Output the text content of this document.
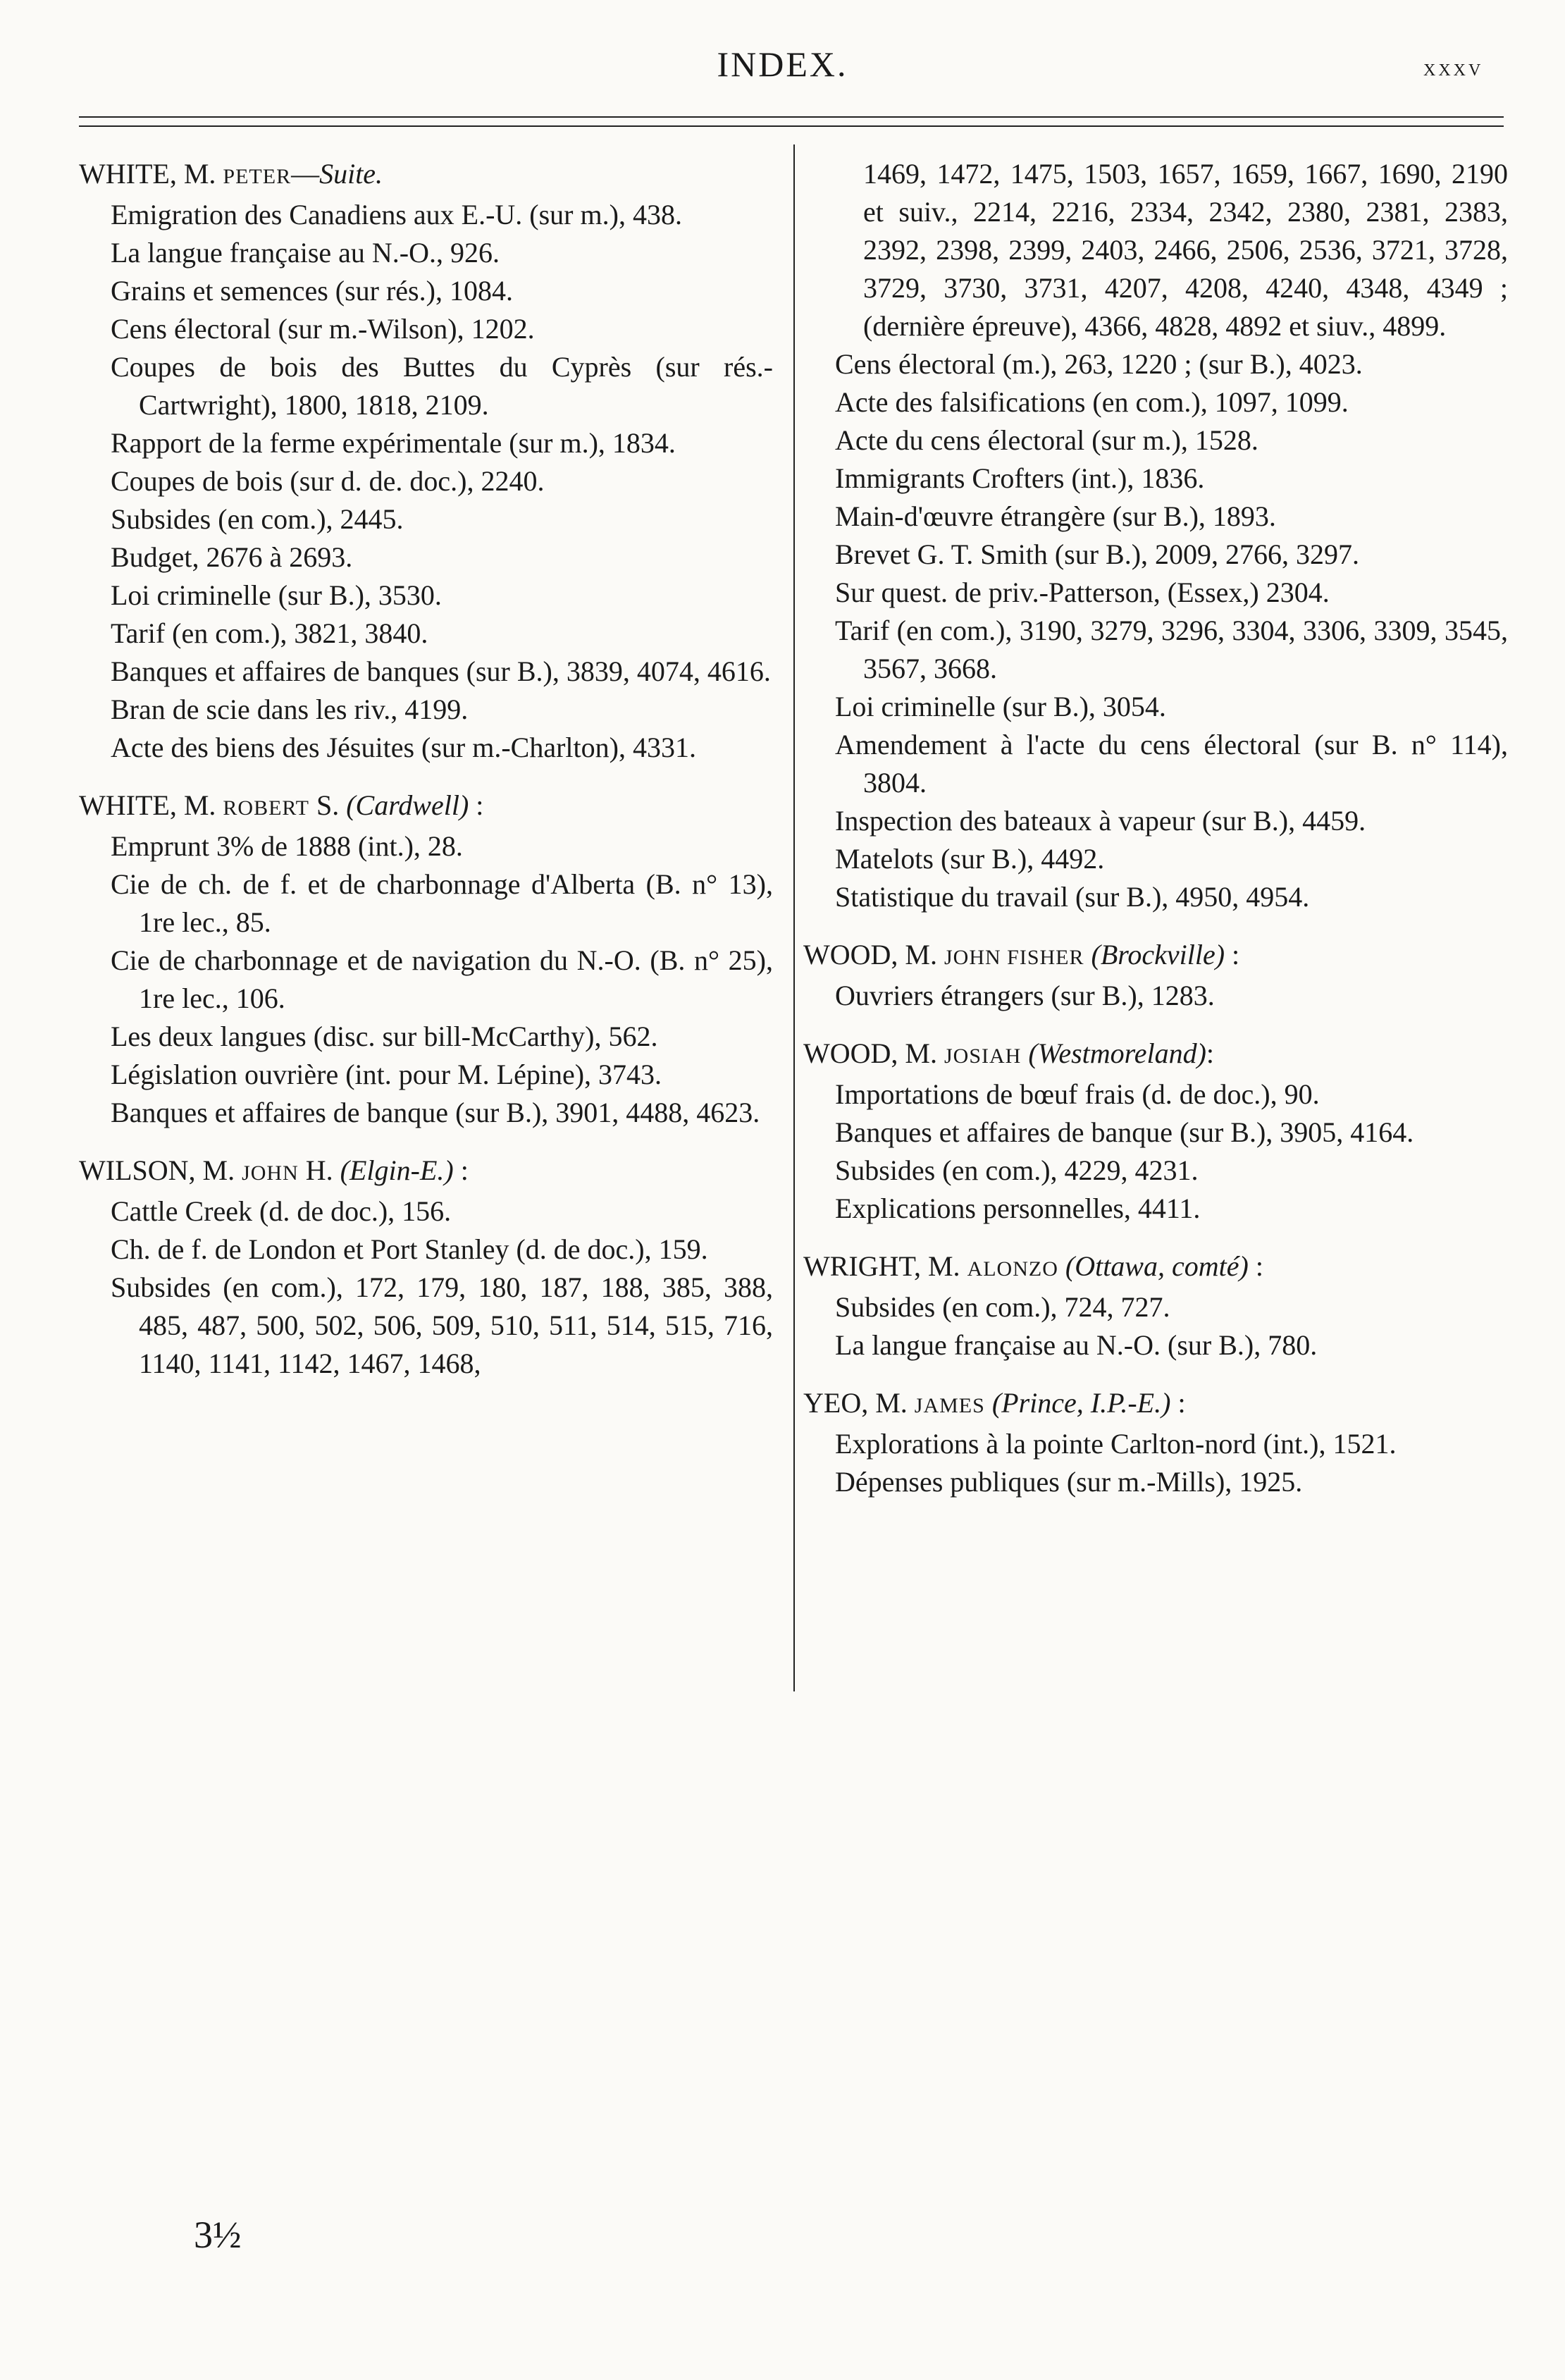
INDEX.	xxxv

WHITE, M. PETER—Suite.

Emigration des Canadiens aux E.-U. (sur m.), 438.

La langue française au N.-O., 926.

Grains et semences (sur rés.), 1084.

Cens électoral (sur m.-Wilson), 1202.

Coupes de bois des Buttes du Cyprès (sur rés.-Cartwright), 1800, 1818, 2109.

Rapport de la ferme expérimentale (sur m.), 1834.

Coupes de bois (sur d. de. doc.), 2240.

Subsides (en com.), 2445.

Budget, 2676 à 2693.

Loi criminelle (sur B.), 3530.

Tarif (en com.), 3821, 3840.

Banques et affaires de banques (sur B.), 3839, 4074, 4616.

Bran de scie dans les riv., 4199.

Acte des biens des Jésuites (sur m.-Charlton), 4331.

WHITE, M. ROBERT S. (Cardwell) :

Emprunt 3% de 1888 (int.), 28.

Cie de ch. de f. et de charbonnage d'Alberta (B. n° 13), 1re lec., 85.

Cie de charbonnage et de navigation du N.-O. (B. n° 25), 1re lec., 106.

Les deux langues (disc. sur bill-McCarthy), 562.

Législation ouvrière (int. pour M. Lépine), 3743.

Banques et affaires de banque (sur B.), 3901, 4488, 4623.

WILSON, M. JOHN H. (Elgin-E.) :

Cattle Creek (d. de doc.), 156.

Ch. de f. de London et Port Stanley (d. de doc.), 159.

Subsides (en com.), 172, 179, 180, 187, 188, 385, 388, 485, 487, 500, 502, 506, 509, 510, 511, 514, 515, 716, 1140, 1141, 1142, 1467, 1468,

1469, 1472, 1475, 1503, 1657, 1659, 1667, 1690, 2190 et suiv., 2214, 2216, 2334, 2342, 2380, 2381, 2383, 2392, 2398, 2399, 2403, 2466, 2506, 2536, 3721, 3728, 3729, 3730, 3731, 4207, 4208, 4240, 4348, 4349 ; (dernière épreuve), 4366, 4828, 4892 et siuv., 4899.

Cens électoral (m.), 263, 1220 ; (sur B.), 4023.

Acte des falsifications (en com.), 1097, 1099.

Acte du cens électoral (sur m.), 1528.

Immigrants Crofters (int.), 1836.

Main-d'œuvre étrangère (sur B.), 1893.

Brevet G. T. Smith (sur B.), 2009, 2766, 3297.

Sur quest. de priv.-Patterson, (Essex,) 2304.

Tarif (en com.), 3190, 3279, 3296, 3304, 3306, 3309, 3545, 3567, 3668.

Loi criminelle (sur B.), 3054.

Amendement à l'acte du cens électoral (sur B. n° 114), 3804.

Inspection des bateaux à vapeur (sur B.), 4459.

Matelots (sur B.), 4492.

Statistique du travail (sur B.), 4950, 4954.

WOOD, M. JOHN FISHER (Brockville) :

Ouvriers étrangers (sur B.), 1283.

WOOD, M. JOSIAH (Westmoreland):

Importations de bœuf frais (d. de doc.), 90.

Banques et affaires de banque (sur B.), 3905, 4164.

Subsides (en com.), 4229, 4231.

Explications personnelles, 4411.

WRIGHT, M. ALONZO (Ottawa, comté) :

Subsides (en com.), 724, 727.

La langue française au N.-O. (sur B.), 780.

YEO, M. JAMES (Prince, I.P.-E.) :

Explorations à la pointe Carlton-nord (int.), 1521.

Dépenses publiques (sur m.-Mills), 1925.

3½
